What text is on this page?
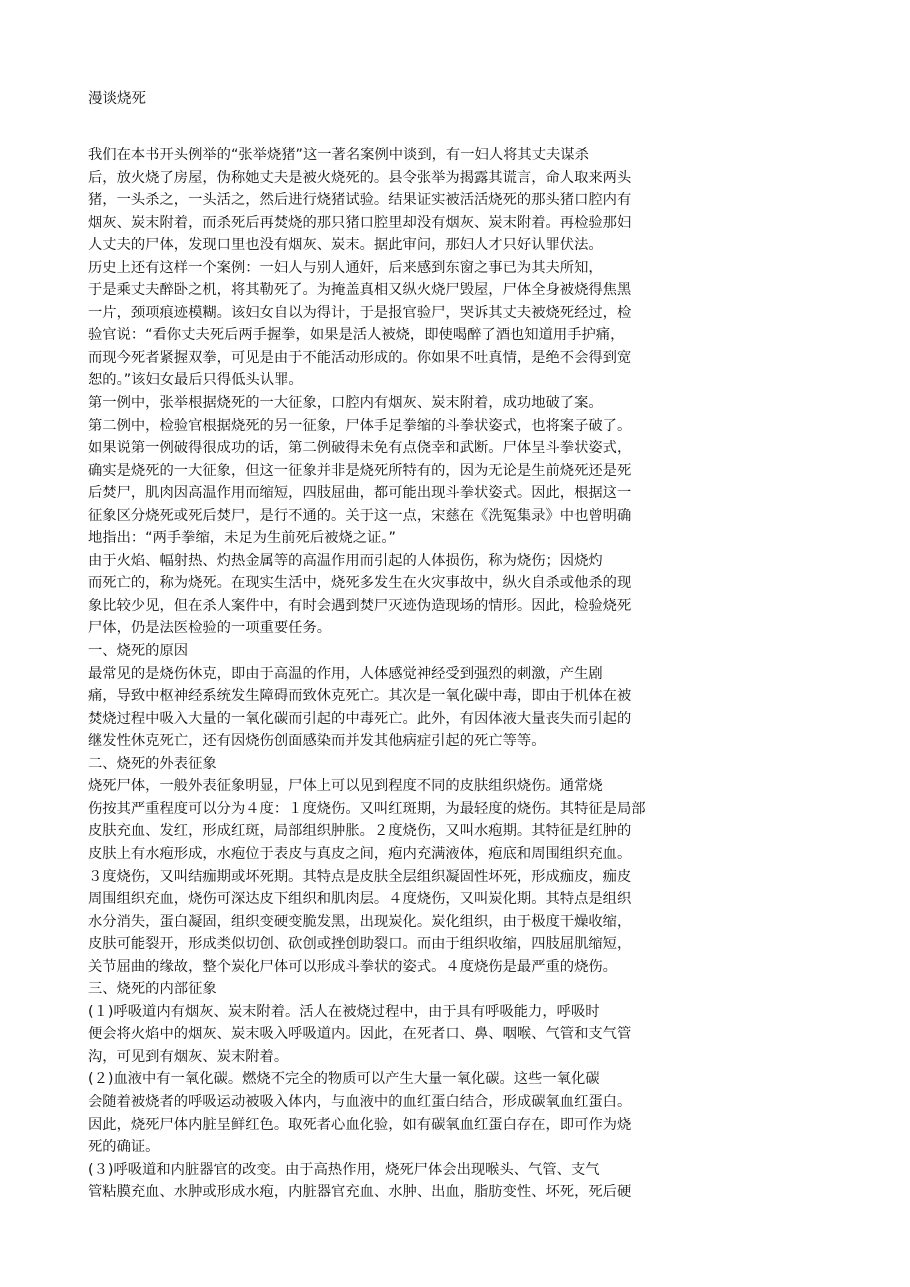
漫谈烧死
我们在本书开头例举的“张举烧猪”这一著名案例中谈到，有一妇人将其丈夫谋杀
后，放火烧了房屋，伪称她丈夫是被火烧死的。县令张举为揭露其谎言，命人取来两头
猪，一头杀之，一头活之，然后进行烧猪试验。结果证实被活活烧死的那头猪口腔内有
烟灰、炭末附着，而杀死后再焚烧的那只猪口腔里却没有烟灰、炭末附着。再检验那妇
人丈夫的尸体，发现口里也没有烟灰、炭末。据此审问，那妇人才只好认罪伏法。
历史上还有这样一个案例：一妇人与别人通奸，后来感到东窗之事已为其夫所知，
于是乘丈夫醉卧之机，将其勒死了。为掩盖真相又纵火烧尸毁屋，尸体全身被烧得焦黑
一片，颈项痕迹模糊。该妇女自以为得计，于是报官验尸，哭诉其丈夫被烧死经过，检
验官说：“看你丈夫死后两手握拳，如果是活人被烧，即使喝醉了酒也知道用手护痛，
而现今死者紧握双拳，可见是由于不能活动形成的。你如果不吐真情，是绝不会得到宽
恕的。”该妇女最后只得低头认罪。
第一例中，张举根据烧死的一大征象，口腔内有烟灰、炭末附着，成功地破了案。
第二例中，检验官根据烧死的另一征象，尸体手足拳缩的斗拳状姿式，也将案子破了。
如果说第一例破得很成功的话，第二例破得未免有点侥幸和武断。尸体呈斗拳状姿式，
确实是烧死的一大征象，但这一征象并非是烧死所特有的，因为无论是生前烧死还是死
后焚尸，肌肉因高温作用而缩短，四肢屈曲，都可能出现斗拳状姿式。因此，根据这一
征象区分烧死或死后焚尸，是行不通的。关于这一点，宋慈在《洗冤集录》中也曾明确
地指出：“两手拳缩，未足为生前死后被烧之证。”
由于火焰、幅射热、灼热金属等的高温作用而引起的人体损伤，称为烧伤；因烧灼
而死亡的，称为烧死。在现实生活中，烧死多发生在火灾事故中，纵火自杀或他杀的现
象比较少见，但在杀人案件中，有时会遇到焚尸灭迹伪造现场的情形。因此，检验烧死
尸体，仍是法医检验的一项重要任务。
一、烧死的原因
最常见的是烧伤休克，即由于高温的作用，人体感觉神经受到强烈的刺激，产生剧
痛，导致中枢神经系统发生障碍而致休克死亡。其次是一氧化碳中毒，即由于机体在被
焚烧过程中吸入大量的一氧化碳而引起的中毒死亡。此外，有因体液大量丧失而引起的
继发性休克死亡，还有因烧伤创面感染而并发其他病症引起的死亡等等。
二、烧死的外表征象
烧死尸体，一般外表征象明显，尸体上可以见到程度不同的皮肤组织烧伤。通常烧
伤按其严重程度可以分为４度：１度烧伤。又叫红斑期，为最轻度的烧伤。其特征是局部
皮肤充血、发红，形成红斑，局部组织肿胀。２度烧伤，又叫水疱期。其特征是红肿的
皮肤上有水疱形成，水疱位于表皮与真皮之间，疱内充满液体，疱底和周围组织充血。
３度烧伤，又叫结痂期或坏死期。其特点是皮肤全层组织凝固性坏死，形成痂皮，痂皮
周围组织充血，烧伤可深达皮下组织和肌肉层。４度烧伤，又叫炭化期。其特点是组织
水分消失，蛋白凝固，组织变硬变脆发黑，出现炭化。炭化组织，由于极度干燥收缩，
皮肤可能裂开，形成类似切创、砍创或挫创助裂口。而由于组织收缩，四肢屈肌缩短，
关节屈曲的缘故，整个炭化尸体可以形成斗拳状的姿式。４度烧伤是最严重的烧伤。
三、烧死的内部征象
(１)呼吸道内有烟灰、炭末附着。活人在被烧过程中，由于具有呼吸能力，呼吸时
便会将火焰中的烟灰、炭末吸入呼吸道内。因此，在死者口、鼻、咽喉、气管和支气管
沟，可见到有烟灰、炭末附着。
(２)血液中有一氧化碳。燃烧不完全的物质可以产生大量一氧化碳。这些一氧化碳
会随着被烧者的呼吸运动被吸入体内，与血液中的血红蛋白结合，形成碳氧血红蛋白。
因此，烧死尸体内脏呈鲜红色。取死者心血化验，如有碳氧血红蛋白存在，即可作为烧
死的确证。
(３)呼吸道和内脏器官的改变。由于高热作用，烧死尸体会出现喉头、气管、支气
管粘膜充血、水肿或形成水疱，内脏器官充血、水肿、出血，脂肪变性、坏死，死后硬
